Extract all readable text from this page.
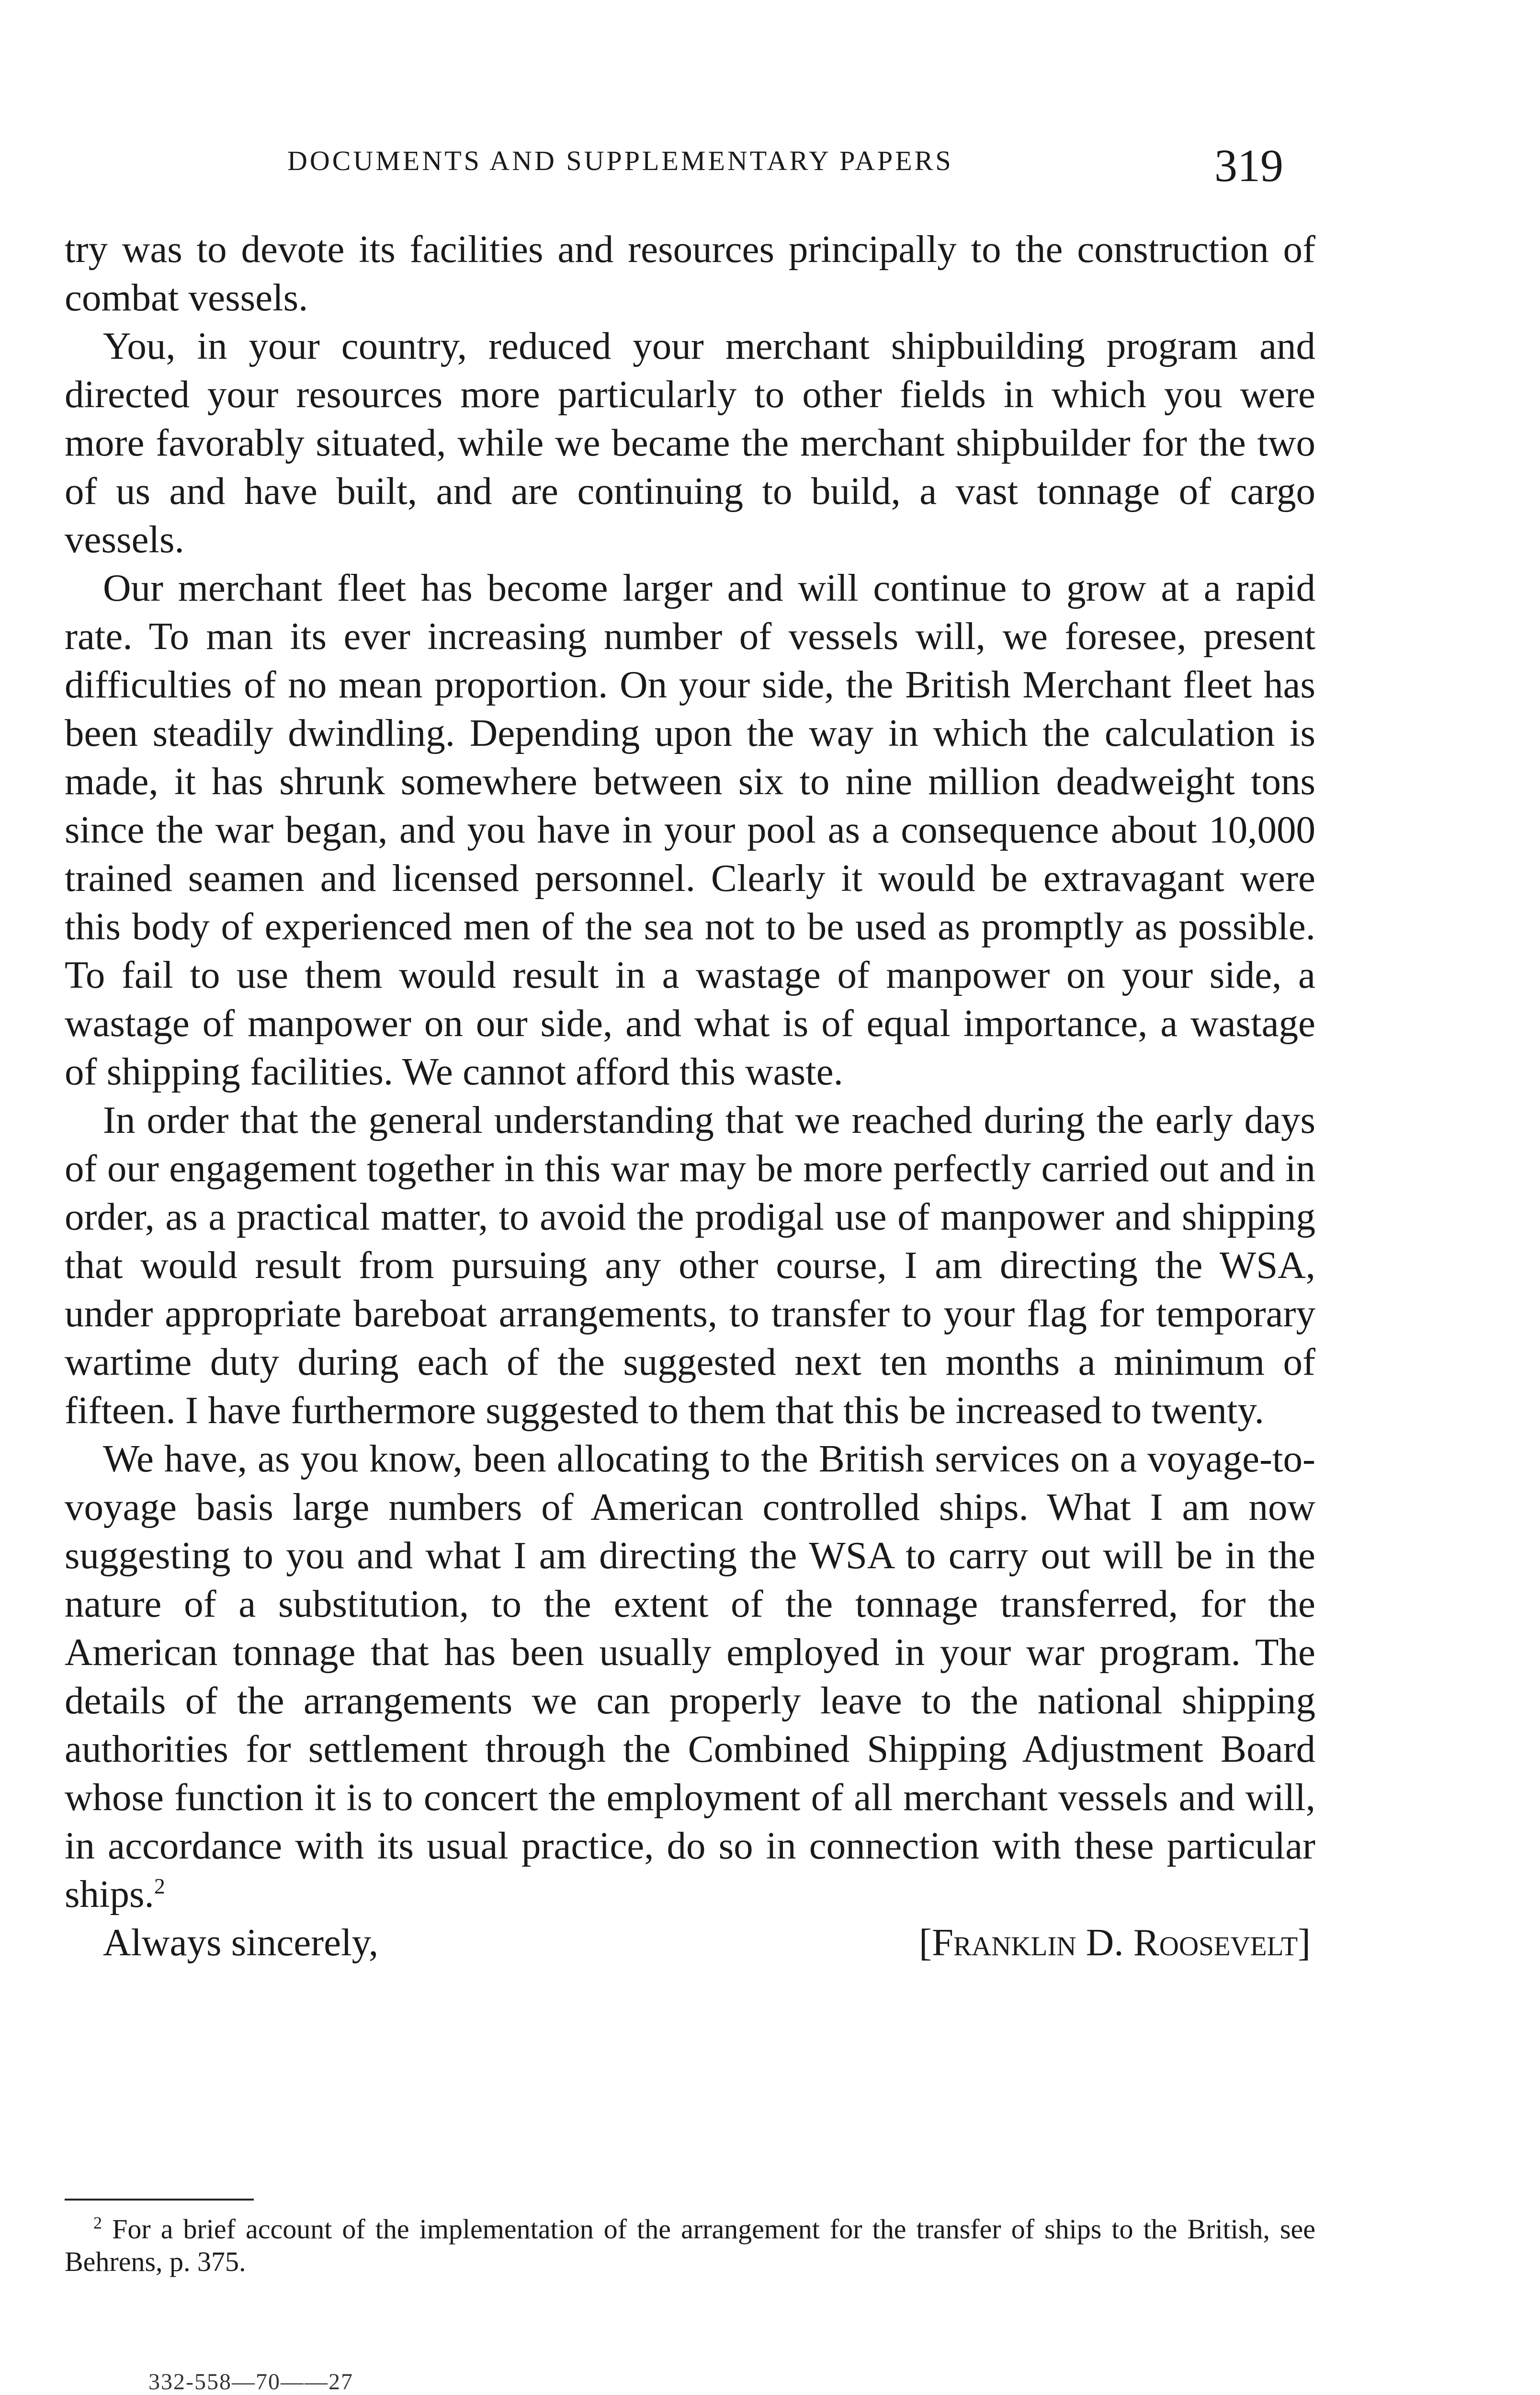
DOCUMENTS AND SUPPLEMENTARY PAPERS	319

try was to devote its facilities and resources principally to the construction of combat vessels.

You, in your country, reduced your merchant shipbuilding program and directed your resources more particularly to other fields in which you were more favorably situated, while we became the merchant shipbuilder for the two of us and have built, and are continuing to build, a vast tonnage of cargo vessels.

Our merchant fleet has become larger and will continue to grow at a rapid rate. To man its ever increasing number of vessels will, we foresee, present difficulties of no mean proportion. On your side, the British Merchant fleet has been steadily dwindling. Depending upon the way in which the calculation is made, it has shrunk somewhere between six to nine million deadweight tons since the war began, and you have in your pool as a consequence about 10,000 trained seamen and licensed personnel. Clearly it would be extravagant were this body of experienced men of the sea not to be used as promptly as possible. To fail to use them would result in a wastage of manpower on your side, a wastage of manpower on our side, and what is of equal importance, a wastage of shipping facilities. We cannot afford this waste.

In order that the general understanding that we reached during the early days of our engagement together in this war may be more perfectly carried out and in order, as a practical matter, to avoid the prodigal use of manpower and shipping that would result from pursuing any other course, I am directing the WSA, under appropriate bareboat arrangements, to transfer to your flag for temporary wartime duty during each of the suggested next ten months a minimum of fifteen. I have furthermore suggested to them that this be increased to twenty.

We have, as you know, been allocating to the British services on a voyage-to-voyage basis large numbers of American controlled ships. What I am now suggesting to you and what I am directing the WSA to carry out will be in the nature of a substitution, to the extent of the tonnage transferred, for the American tonnage that has been usually employed in your war program. The details of the arrangements we can properly leave to the national shipping authorities for settlement through the Combined Shipping Adjustment Board whose function it is to concert the employment of all merchant vessels and will, in accordance with its usual practice, do so in connection with these particular ships.$^2$

Always sincerely,	[Franklin D. Roosevelt]
$^2$ For a brief account of the implementation of the arrangement for the transfer of ships to the British, see Behrens, p. 375.
332-558—70——27
